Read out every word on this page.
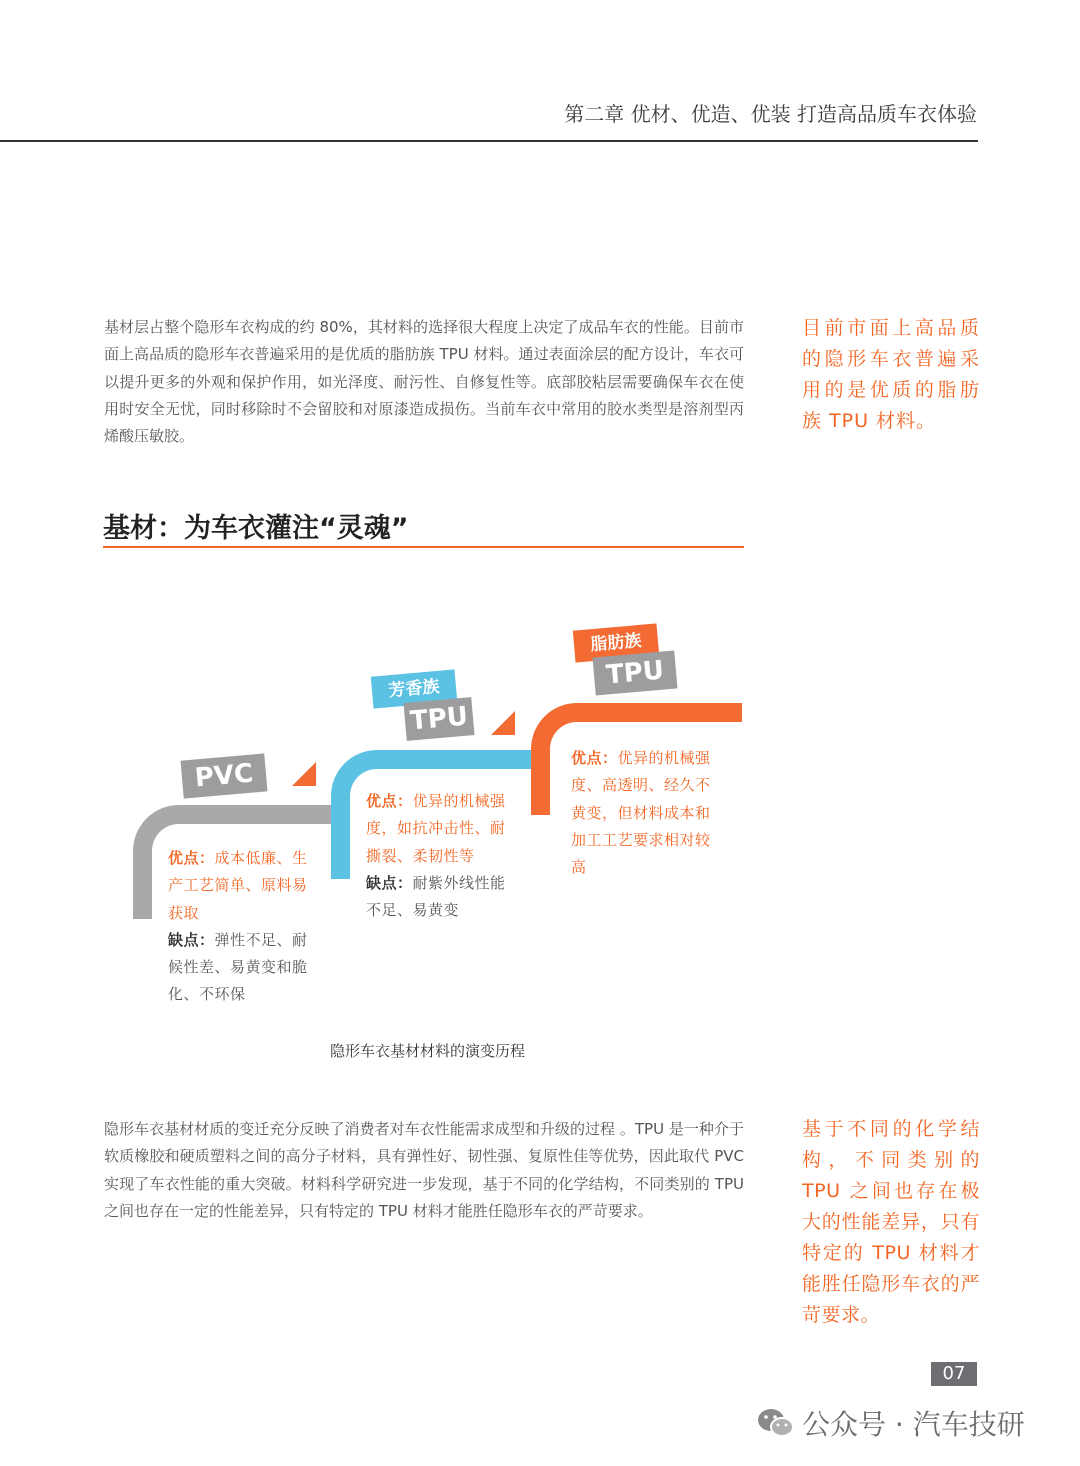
第二章 优材、优造、优装 打造高品质车衣体验

基材层占整个隐形车衣构成的约 80%，其材料的选择很大程度上决定了成品车衣的性能。目前市面上高品质的隐形车衣普遍采用的是优质的脂肪族 TPU 材料。通过表面涂层的配方设计，车衣可以提升更多的外观和保护作用，如光泽度、耐污性、自修复性等。底部胶粘层需要确保车衣在使用时安全无忧，同时移除时不会留胶和对原漆造成损伤。当前车衣中常用的胶水类型是溶剂型丙烯酸压敏胶。

目前市面上高品质的隐形车衣普遍采用的是优质的脂肪族 TPU 材料。

基材：为车衣灌注“灵魂”
PVC
芳香族
TPU
脂肪族
TPU

优点：成本低廉、生产工艺简单、原料易获取
缺点：弹性不足、耐候性差、易黄变和脆化、不环保

优点：优异的机械强度，如抗冲击性、耐撕裂、柔韧性等
缺点：耐紫外线性能不足、易黄变

优点：优异的机械强度、高透明、经久不黄变，但材料成本和加工工艺要求相对较高

隐形车衣基材材料的演变历程

隐形车衣基材材质的变迁充分反映了消费者对车衣性能需求成型和升级的过程 。TPU 是一种介于软质橡胶和硬质塑料之间的高分子材料，具有弹性好、韧性强、复原性佳等优势，因此取代 PVC 实现了车衣性能的重大突破。材料科学研究进一步发现，基于不同的化学结构，不同类别的 TPU 之间也存在一定的性能差异，只有特定的 TPU 材料才能胜任隐形车衣的严苛要求。

基于不同的化学结构，不同类别的 TPU 之间也存在极大的性能差异，只有特定的 TPU 材料才能胜任隐形车衣的严苛要求。

07
公众号 · 汽车技研
